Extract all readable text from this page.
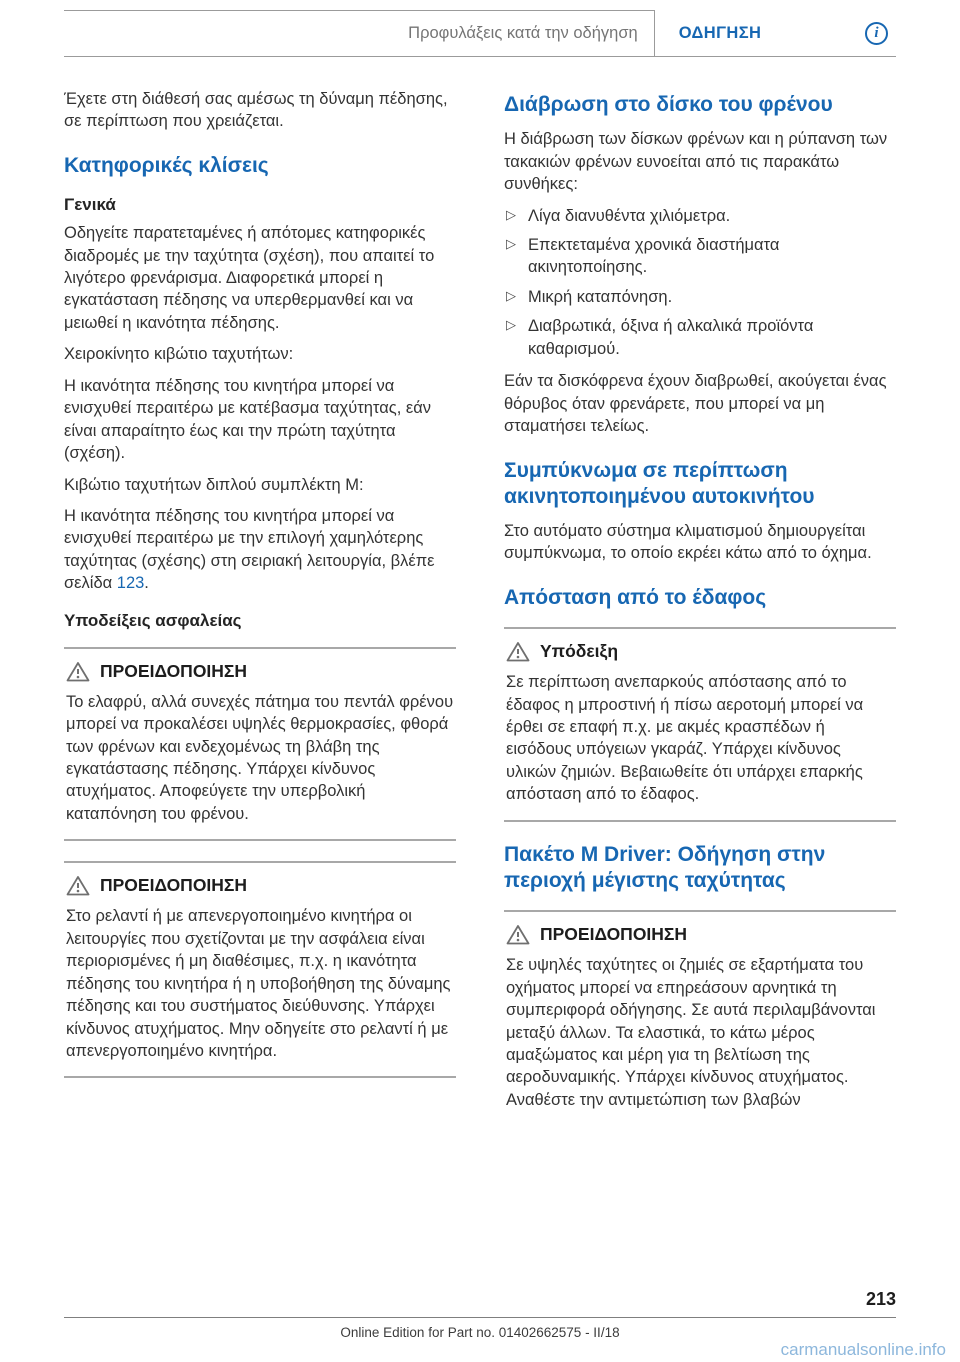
Προφυλάξεις κατά την οδήγηση ΟΔΗΓΗΣΗ	i

Έχετε στη διάθεσή σας αμέσως τη δύναμη πέδησης, σε περίπτωση που χρειάζεται.

Κατηφορικές κλίσεις
Γενικά

Οδηγείτε παρατεταμένες ή απότομες κατηφορικές διαδρομές με την ταχύτητα (σχέση), που απαιτεί το λιγότερο φρενάρισμα. Διαφορετικά μπορεί η εγκατάσταση πέδησης να υπερθερμανθεί και να μειωθεί η ικανότητα πέδησης.

Χειροκίνητο κιβώτιο ταχυτήτων:

Η ικανότητα πέδησης του κινητήρα μπορεί να ενισχυθεί περαιτέρω με κατέβασμα ταχύτητας, εάν είναι απαραίτητο έως και την πρώτη ταχύτητα (σχέση).

Κιβώτιο ταχυτήτων διπλού συμπλέκτη M:

Η ικανότητα πέδησης του κινητήρα μπορεί να ενισχυθεί περαιτέρω με την επιλογή χαμηλότερης ταχύτητας (σχέσης) στη σειριακή λειτουργία, βλέπε σελίδα 123.

Υποδείξεις ασφαλείας
ΠΡΟΕΙΔΟΠΟΙΗΣΗ

Το ελαφρύ, αλλά συνεχές πάτημα του πεντάλ φρένου μπορεί να προκαλέσει υψηλές θερμοκρασίες, φθορά των φρένων και ενδεχομένως τη βλάβη της εγκατάστασης πέδησης. Υπάρχει κίνδυνος ατυχήματος. Αποφεύγετε την υπερβολική καταπόνηση του φρένου.

ΠΡΟΕΙΔΟΠΟΙΗΣΗ

Στο ρελαντί ή με απενεργοποιημένο κινητήρα οι λειτουργίες που σχετίζονται με την ασφάλεια είναι περιορισμένες ή μη διαθέσιμες, π.χ. η ικανότητα πέδησης του κινητήρα ή η υποβοήθηση της δύναμης πέδησης και του συστήματος διεύθυνσης. Υπάρχει κίνδυνος ατυχήματος. Μην οδηγείτε στο ρελαντί ή με απενεργοποιημένο κινητήρα.

Διάβρωση στο δίσκο του φρένου

Η διάβρωση των δίσκων φρένων και η ρύπανση των τακακιών φρένων ευνοείται από τις παρακάτω συνθήκες:

▷ Λίγα διανυθέντα χιλιόμετρα.
▷ Επεκτεταμένα χρονικά διαστήματα ακινητοποίησης.
▷ Μικρή καταπόνηση.
▷ Διαβρωτικά, όξινα ή αλκαλικά προϊόντα καθαρισμού.

Εάν τα δισκόφρενα έχουν διαβρωθεί, ακούγεται ένας θόρυβος όταν φρενάρετε, που μπορεί να μη σταματήσει τελείως.

Συμπύκνωμα σε περίπτωση ακινητοποιημένου αυτοκινήτου

Στο αυτόματο σύστημα κλιματισμού δημιουργείται συμπύκνωμα, το οποίο εκρέει κάτω από το όχημα.

Απόσταση από το έδαφος
Υπόδειξη

Σε περίπτωση ανεπαρκούς απόστασης από το έδαφος η μπροστινή ή πίσω αεροτομή μπορεί να έρθει σε επαφή π.χ. με ακμές κρασπέδων ή εισόδους υπόγειων γκαράζ. Υπάρχει κίνδυνος υλικών ζημιών. Βεβαιωθείτε ότι υπάρχει επαρκής απόσταση από το έδαφος.

Πακέτο M Driver: Οδήγηση στην περιοχή μέγιστης ταχύτητας
ΠΡΟΕΙΔΟΠΟΙΗΣΗ

Σε υψηλές ταχύτητες οι ζημιές σε εξαρτήματα του οχήματος μπορεί να επηρεάσουν αρνητικά τη συμπεριφορά οδήγησης. Σε αυτά περιλαμβάνονται μεταξύ άλλων. Τα ελαστικά, το κάτω μέρος αμαξώματος και μέρη για τη βελτίωση της αεροδυναμικής. Υπάρχει κίνδυνος ατυχήματος. Αναθέστε την αντιμετώπιση των βλαβών

213
Online Edition for Part no. 01402662575 - II/18
carmanualsonline.info
